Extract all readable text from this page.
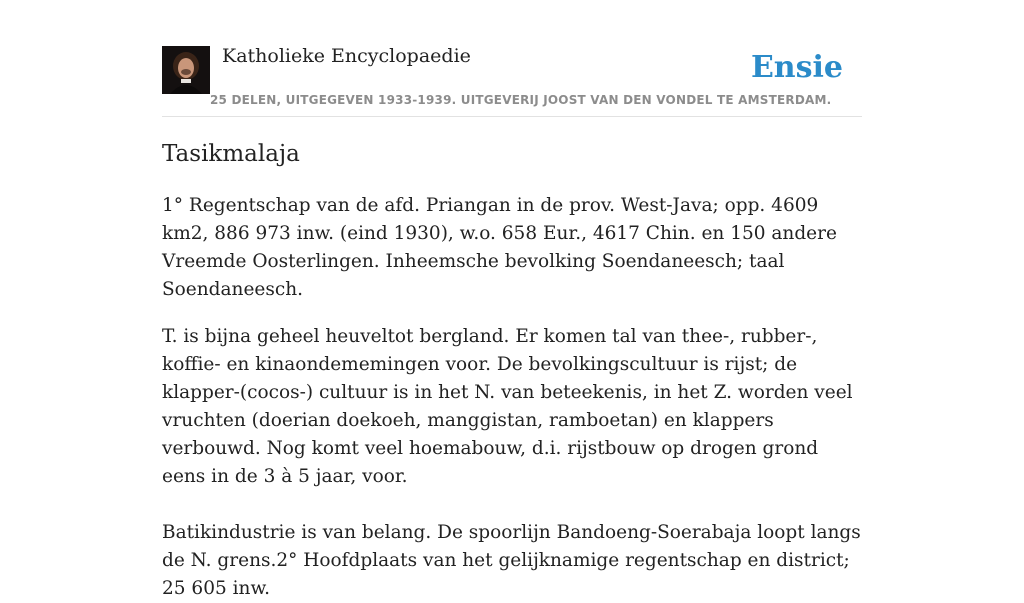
Katholieke Encyclopaedie	Ensie
25 DELEN, UITGEGEVEN 1933-1939. UITGEVERIJ JOOST VAN DEN VONDEL TE AMSTERDAM.
Tasikmalaja

1° Regentschap van de afd. Priangan in de prov. West-Java; opp. 4609 km2, 886 973 inw. (eind 1930), w.o. 658 Eur., 4617 Chin. en 150 andere Vreemde Oosterlingen. Inheemsche bevolking Soendaneesch; taal Soendaneesch.

T. is bijna geheel heuveltot bergland. Er komen tal van thee-, rubber-, koffie- en kinaondememingen voor. De bevolkingscultuur is rijst; de klapper-(cocos-) cultuur is in het N. van beteekenis, in het Z. worden veel vruchten (doerian doekoeh, manggistan, ramboetan) en klappers verbouwd. Nog komt veel hoemabouw, d.i. rijstbouw op drogen grond eens in de 3 à 5 jaar, voor.

Batikindustrie is van belang. De spoorlijn Bandoeng-Soerabaja loopt langs de N. grens.2° Hoofdplaats van het gelijknamige regentschap en district; 25 605 inw.
